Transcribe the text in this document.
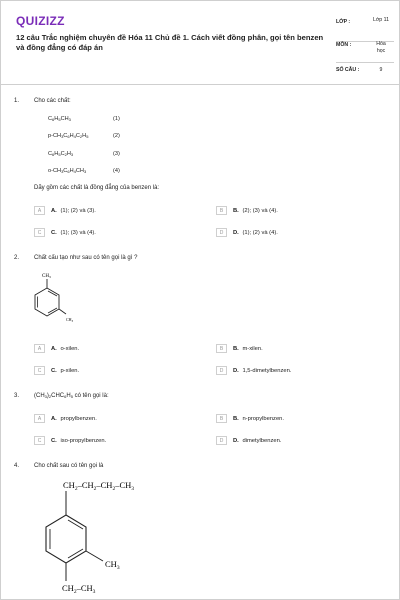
QUIZIZZ
12 câu Trắc nghiệm chuyên đề Hóa 11 Chủ đề 1. Cách viết đồng phân, gọi tên benzen và đồng đẳng có đáp án
LỚP :	Lớp 11
MÔN :	Hóa học
SỐ CÂU :	9
1. Cho các chất:
$C_6H_5CH_3$	(1)
$p-CH_3C_6H_4C_2H_5$	(2)
$C_6H_5C_2H_3$	(3)
$o-CH_3C_6H_4CH_3$	(4)
Dãy gồm các chất là đồng đẳng của benzen là:
A	A. (1); (2) và (3).	B	B. (2); (3) và (4).
C	C. (1); (3) và (4).	D	D. (1); (2) và (4).
2. Chất cấu tạo như sau có tên gọi là gì ?
$CH_3$
$CH_3$
A	A. o-xilen.	B	B. m-xilen.
C	C. p-xilen.	D	D. 1,5-dimetylbenzen.
3. $(CH_3)_2CHC_6H_5$ có tên gọi là:
A	A. propylbenzen.	B	B. n-propylbenzen.
C	C. iso-propylbenzen.	D	D. dimetylbenzen.
4. Cho chất sau có tên gọi là
$CH_2-CH_2-CH_2-CH_3$
$CH_3$
$CH_2-CH_3$
